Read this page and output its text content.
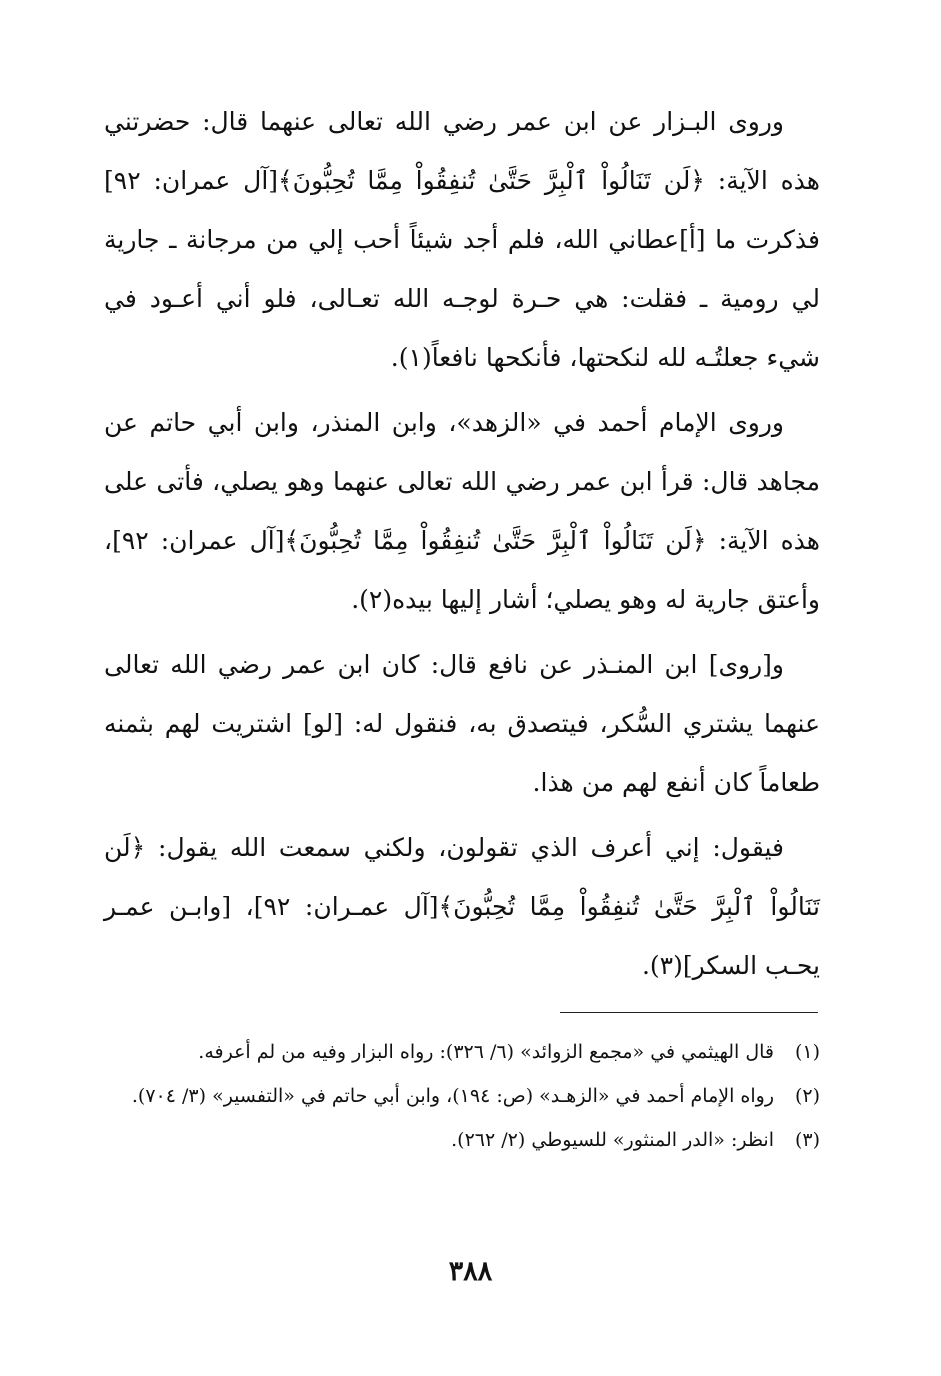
وروى البـزار عن ابن عمر رضي الله تعالى عنهما قال: حضرتني هذه الآية: ﴿لَن تَنَالُواْ ٱلْبِرَّ حَتَّىٰ تُنفِقُواْ مِمَّا تُحِبُّونَ﴾[آل عمران: ٩٢] فذكرت ما [أ]عطاني الله، فلم أجد شيئاً أحب إلي من مرجانة ـ جارية لي رومية ـ فقلت: هي حـرة لوجـه الله تعـالى، فلو أني أعـود في شيء جعلتُـه لله لنكحتها، فأنكحها نافعاً(١).

وروى الإمام أحمد في «الزهد»، وابن المنذر، وابن أبي حاتم عن مجاهد قال: قرأ ابن عمر رضي الله تعالى عنهما وهو يصلي، فأتى على هذه الآية: ﴿لَن تَنَالُواْ ٱلْبِرَّ حَتَّىٰ تُنفِقُواْ مِمَّا تُحِبُّونَ﴾[آل عمران: ٩٢]، وأعتق جارية له وهو يصلي؛ أشار إليها بيده(٢).

و[روى] ابن المنـذر عن نافع قال: كان ابن عمر رضي الله تعالى عنهما يشتري السُّكر، فيتصدق به، فنقول له: [لو] اشتريت لهم بثمنه طعاماً كان أنفع لهم من هذا.

فيقول: إني أعرف الذي تقولون، ولكني سمعت الله يقول: ﴿لَن تَنَالُواْ ٱلْبِرَّ حَتَّىٰ تُنفِقُواْ مِمَّا تُحِبُّونَ﴾[آل عمـران: ٩٢]، [وابـن عمـر يحـب السكر](٣).

(١)
قال الهيثمي في «مجمع الزوائد» (٦/ ٣٢٦): رواه البزار وفيه من لم أعرفه.
(٢)
رواه الإمام أحمد في «الزهـد» (ص: ١٩٤)، وابن أبي حاتم في «التفسير» (٣/ ٧٠٤).
(٣)
انظر: «الدر المنثور» للسيوطي (٢/ ٢٦٢).
٣٨٨
